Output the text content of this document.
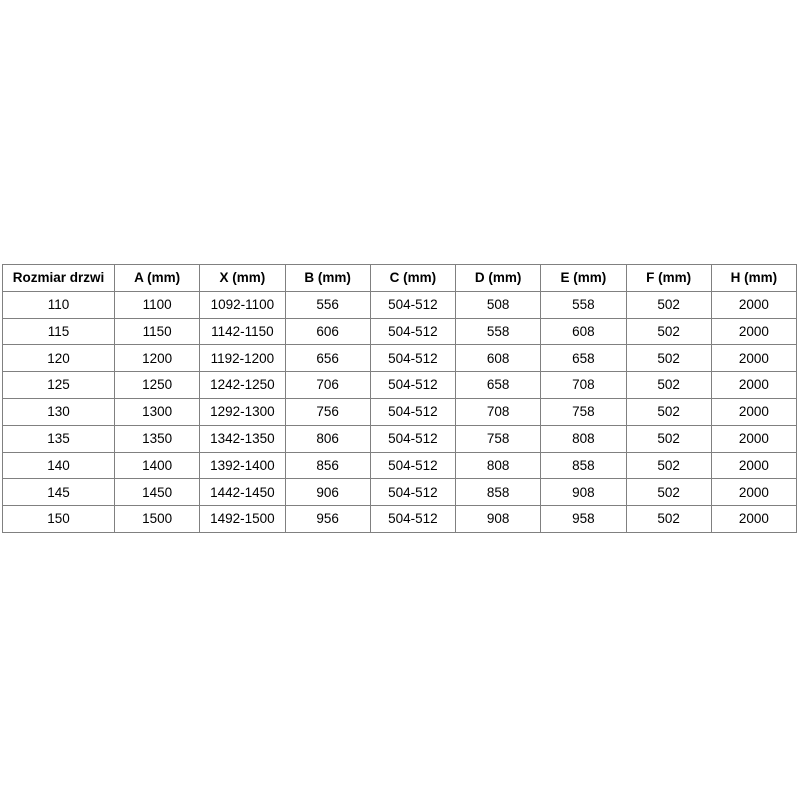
Rozmiar drzwi	A (mm)	X (mm)	B (mm)	C (mm)	D (mm)	E (mm)	F (mm)	H (mm)
110	1100	1092-1100	556	504-512	508	558	502	2000
115	1150	1142-1150	606	504-512	558	608	502	2000
120	1200	1192-1200	656	504-512	608	658	502	2000
125	1250	1242-1250	706	504-512	658	708	502	2000
130	1300	1292-1300	756	504-512	708	758	502	2000
135	1350	1342-1350	806	504-512	758	808	502	2000
140	1400	1392-1400	856	504-512	808	858	502	2000
145	1450	1442-1450	906	504-512	858	908	502	2000
150	1500	1492-1500	956	504-512	908	958	502	2000
